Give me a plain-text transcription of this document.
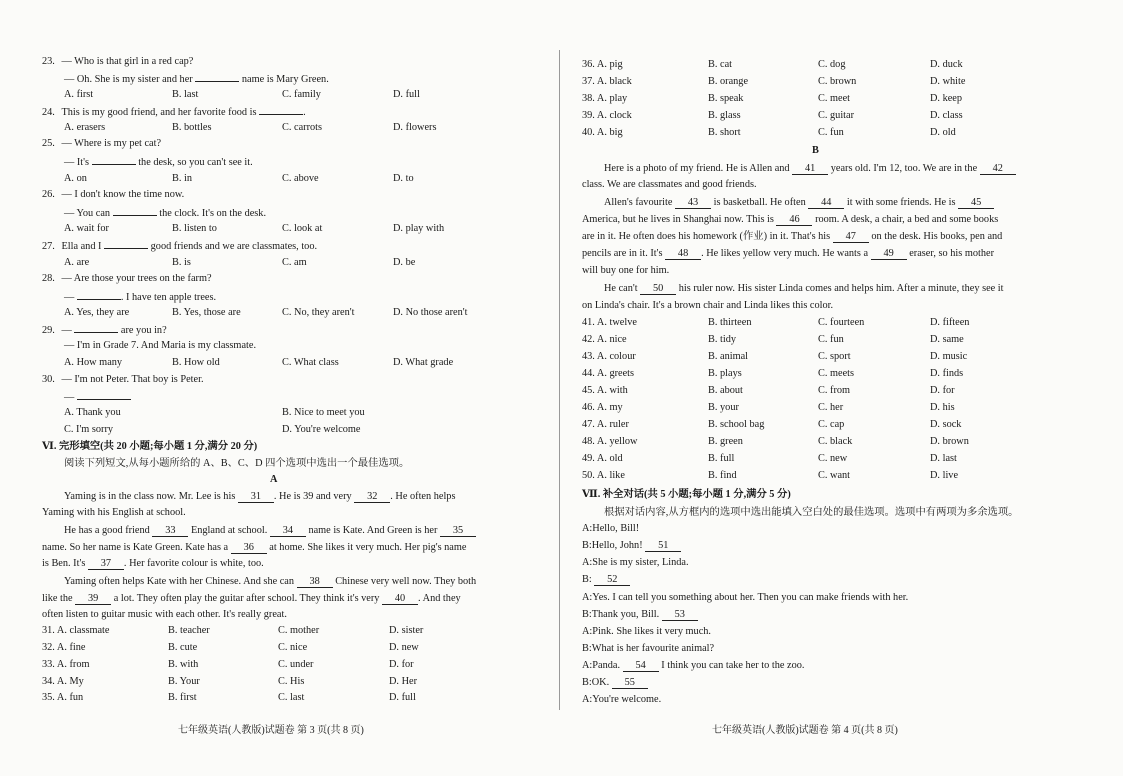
23. — Who is that girl in a red cap?
— Oh. She is my sister and her	name is Mary Green.
A. first	B. last	C. family	D. full
24. This is my good friend, and her favorite food is	.
A. erasers	B. bottles	C. carrots	D. flowers
25. — Where is my pet cat?
— It's	the desk, so you can't see it.
A. on	B. in	C. above	D. to
26. — I don't know the time now.
— You can	the clock. It's on the desk.
A. wait for	B. listen to	C. look at	D. play with
27. Ella and I	good friends and we are classmates, too.
A. are	B. is	C. am	D. be
28. — Are those your trees on the farm?
—	. I have ten apple trees.
A. Yes, they are	B. Yes, those are	C. No, they aren't	D. No those aren't
29. —	are you in?
— I'm in Grade 7. And Maria is my classmate.
A. How many	B. How old	C. What class	D. What grade
30. — I'm not Peter. That boy is Peter.
—
A. Thank you	B. Nice to meet you
C. I'm sorry	D. You're welcome
Ⅵ. 完形填空(共 20 小题;每小题 1 分,满分 20 分)
阅读下列短文,从每小题所给的 A、B、C、D 四个选项中选出一个最佳选项。
A
Yaming is in the class now. Mr. Lee is his 31 . He is 39 and very 32 . He often helps
Yaming with his English at school.
He has a good friend 33 England at school. 34 name is Kate. And Green is her 35
name. So her name is Kate Green. Kate has a 36 at home. She likes it very much. Her pig's name
is Ben. It's 37 . Her favorite colour is white, too.
Yaming often helps Kate with her Chinese. And she can 38 Chinese very well now. They both
like the 39 a lot. They often play the guitar after school. They think it's very 40 . And they
often listen to guitar music with each other. It's really great.
31. A. classmate	B. teacher	C. mother	D. sister
32. A. fine	B. cute	C. nice	D. new
33. A. from	B. with	C. under	D. for
34. A. My	B. Your	C. His	D. Her
35. A. fun	B. first	C. last	D. full
七年级英语(人教版)试题卷 第 3 页(共 8 页)
36. A. pig	B. cat	C. dog	D. duck
37. A. black	B. orange	C. brown	D. white
38. A. play	B. speak	C. meet	D. keep
39. A. clock	B. glass	C. guitar	D. class
40. A. big	B. short	C. fun	D. old
B
Here is a photo of my friend. He is Allen and 41 years old. I'm 12, too. We are in the 42
class. We are classmates and good friends.
Allen's favourite 43 is basketball. He often 44 it with some friends. He is 45
America, but he lives in Shanghai now. This is 46 room. A desk, a chair, a bed and some books
are in it. He often does his homework (作业) in it. That's his 47 on the desk. His books, pen and
pencils are in it. It's 48 . He likes yellow very much. He wants a 49 eraser, so his mother
will buy one for him.
He can't 50 his ruler now. His sister Linda comes and helps him. After a minute, they see it
on Linda's chair. It's a brown chair and Linda likes this color.
41. A. twelve	B. thirteen	C. fourteen	D. fifteen
42. A. nice	B. tidy	C. fun	D. same
43. A. colour	B. animal	C. sport	D. music
44. A. greets	B. plays	C. meets	D. finds
45. A. with	B. about	C. from	D. for
46. A. my	B. your	C. her	D. his
47. A. ruler	B. school bag	C. cap	D. sock
48. A. yellow	B. green	C. black	D. brown
49. A. old	B. full	C. new	D. last
50. A. like	B. find	C. want	D. live
Ⅶ. 补全对话(共 5 小题;每小题 1 分,满分 5 分)
根据对话内容,从方框内的选项中选出能填入空白处的最佳选项。选项中有两项为多余选项。
A:Hello, Bill!
B:Hello, John! 51
A:She is my sister, Linda.
B: 52
A:Yes. I can tell you something about her. Then you can make friends with her.
B:Thank you, Bill. 53
A:Pink. She likes it very much.
B:What is her favourite animal?
A:Panda. 54 I think you can take her to the zoo.
B:OK. 55
A:You're welcome.
七年级英语(人教版)试题卷 第 4 页(共 8 页)
